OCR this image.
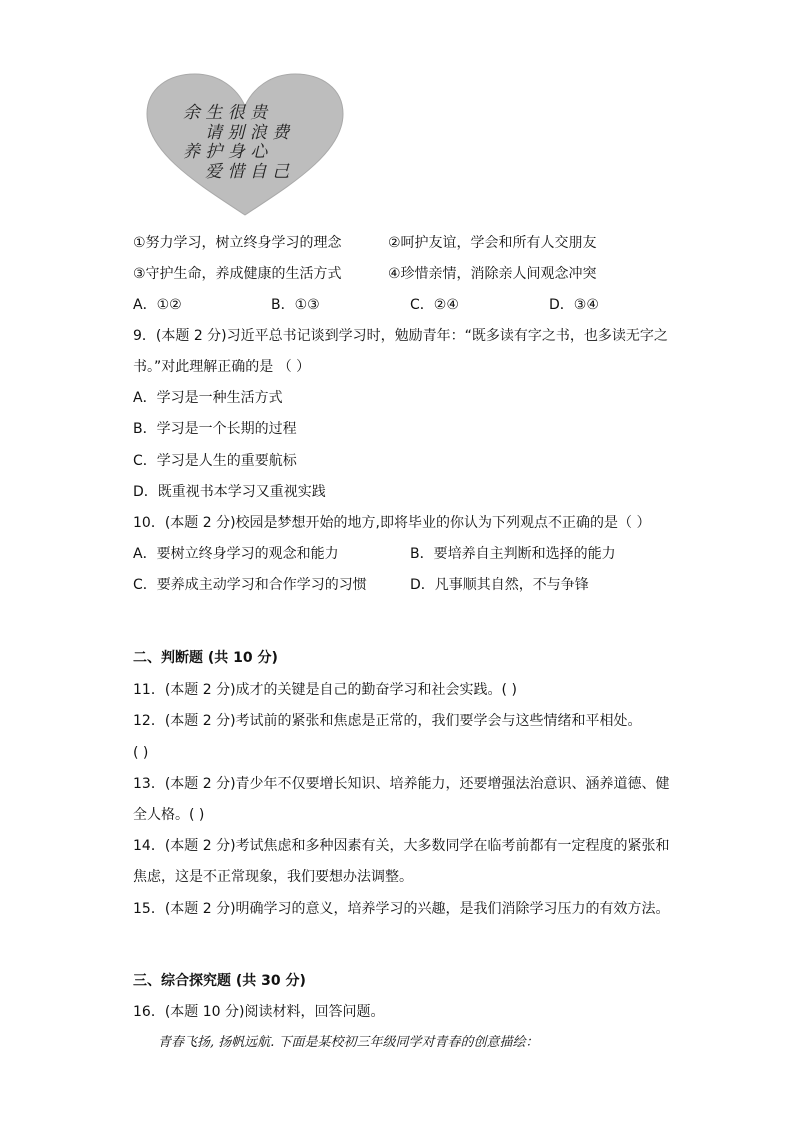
余 生 很 贵
请 别 浪 费
养 护 身 心
爱 惜 自 己
①努力学习，树立终身学习的理念	②呵护友谊，学会和所有人交朋友
③守护生命，养成健康的生活方式	④珍惜亲情，消除亲人间观念冲突
A．①②	B．①③	C．②④	D．③④
9．(本题 2 分)习近平总书记谈到学习时，勉励青年：“既多读有字之书，也多读无字之
书。”对此理解正确的是 （ ）
A．学习是一种生活方式
B．学习是一个长期的过程
C．学习是人生的重要航标
D．既重视书本学习又重视实践
10．(本题 2 分)校园是梦想开始的地方,即将毕业的你认为下列观点不正确的是（ ）
A．要树立终身学习的观念和能力	B．要培养自主判断和选择的能力
C．要养成主动学习和合作学习的习惯	D．凡事顺其自然，不与争锋
二、判断题 (共 10 分)
11．(本题 2 分)成才的关键是自己的勤奋学习和社会实践。( )
12．(本题 2 分)考试前的紧张和焦虑是正常的，我们要学会与这些情绪和平相处。
( )
13．(本题 2 分)青少年不仅要增长知识、培养能力，还要增强法治意识、涵养道德、健
全人格。( )
14．(本题 2 分)考试焦虑和多种因素有关，大多数同学在临考前都有一定程度的紧张和
焦虑，这是不正常现象，我们要想办法调整。
15．(本题 2 分)明确学习的意义，培养学习的兴趣，是我们消除学习压力的有效方法。
三、综合探究题 (共 30 分)
16．(本题 10 分)阅读材料，回答问题。
青春飞扬, 扬帆远航. 下面是某校初三年级同学对青春的创意描绘：
